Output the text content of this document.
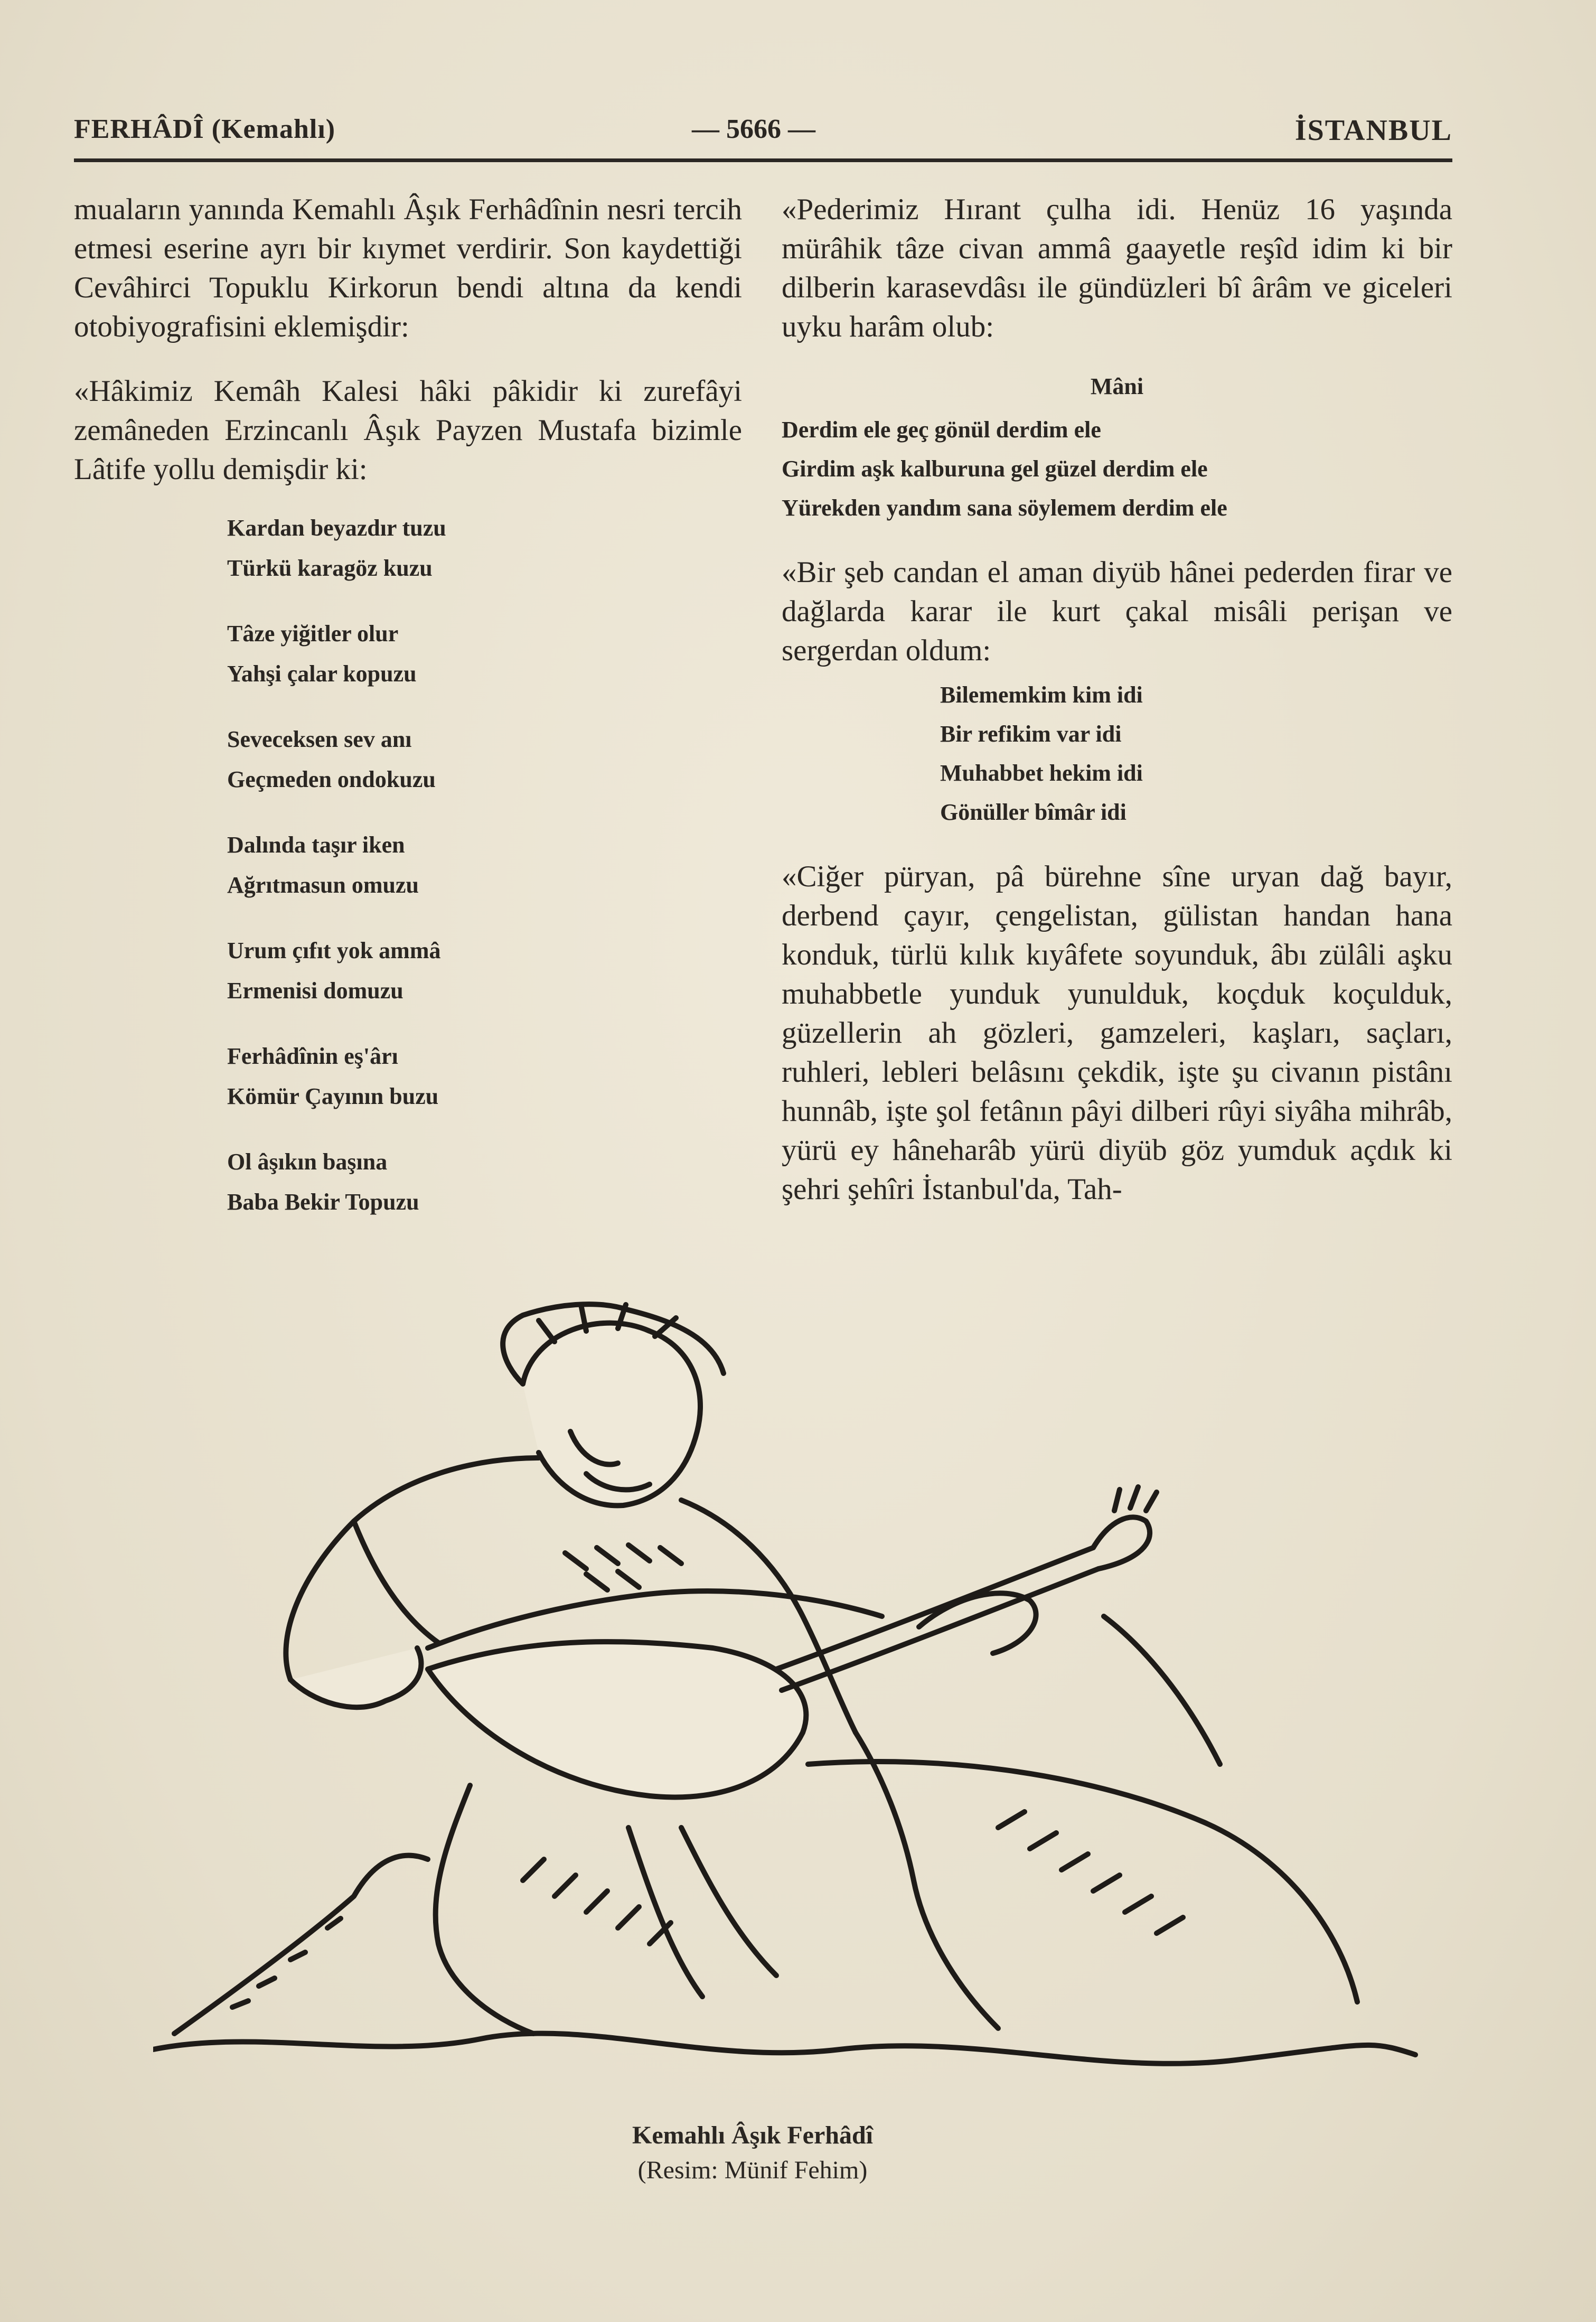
FERHÂDÎ (Kemahlı)	— 5666 —	İSTANBUL

muaların yanında Kemahlı Âşık Ferhâdînin nesri tercih etmesi eserine ayrı bir kıymet verdirir. Son kaydettiği Cevâhirci Topuklu Kirkorun bendi altına da kendi otobiyografisini eklemişdir:

«Hâkimiz Kemâh Kalesi hâki pâkidir ki zurefâyi zemâneden Erzincanlı Âşık Payzen Mustafa bizimle Lâtife yollu demişdir ki:

Kardan beyazdır tuzu

Türkü karagöz kuzu

Tâze yiğitler olur

Yahşi çalar kopuzu

Seveceksen sev anı

Geçmeden ondokuzu

Dalında taşır iken

Ağrıtmasun omuzu

Urum çıfıt yok ammâ

Ermenisi domuzu

Ferhâdînin eş'ârı

Kömür Çayının buzu

Ol âşıkın başına

Baba Bekir Topuzu

«Pederimiz Hırant çulha idi. Henüz 16 yaşında mürâhik tâze civan ammâ gaayetle reşîd idim ki bir dilberin karasevdâsı ile gündüzleri bî ârâm ve giceleri uyku harâm olub:

Mâni

Derdim ele geç gönül derdim ele

Girdim aşk kalburuna gel güzel derdim ele

Yürekden yandım sana söylemem derdim ele

«Bir şeb candan el aman diyüb hânei pederden firar ve dağlarda karar ile kurt çakal misâli perişan ve sergerdan oldum:

Bilememkim kim idi

Bir refikim var idi

Muhabbet hekim idi

Gönüller bîmâr idi

«Ciğer püryan, pâ bürehne sîne uryan dağ bayır, derbend çayır, çengelistan, gülistan handan hana konduk, türlü kılık kıyâfete soyunduk, âbı zülâli aşku muhabbetle yunduk yunulduk, koçduk koçulduk, güzellerin ah gözleri, gamzeleri, kaşları, saçları, ruhleri, lebleri belâsını çekdik, işte şu civanın pistânı hunnâb, işte şol fetânın pâyi dilberi rûyi siyâha mihrâb, yürü ey hâneharâb yürü diyüb göz yumduk açdık ki şehri şehîri İstanbul'da, Tah-

Kemahlı Âşık Ferhâdî
(Resim: Münif Fehim)
